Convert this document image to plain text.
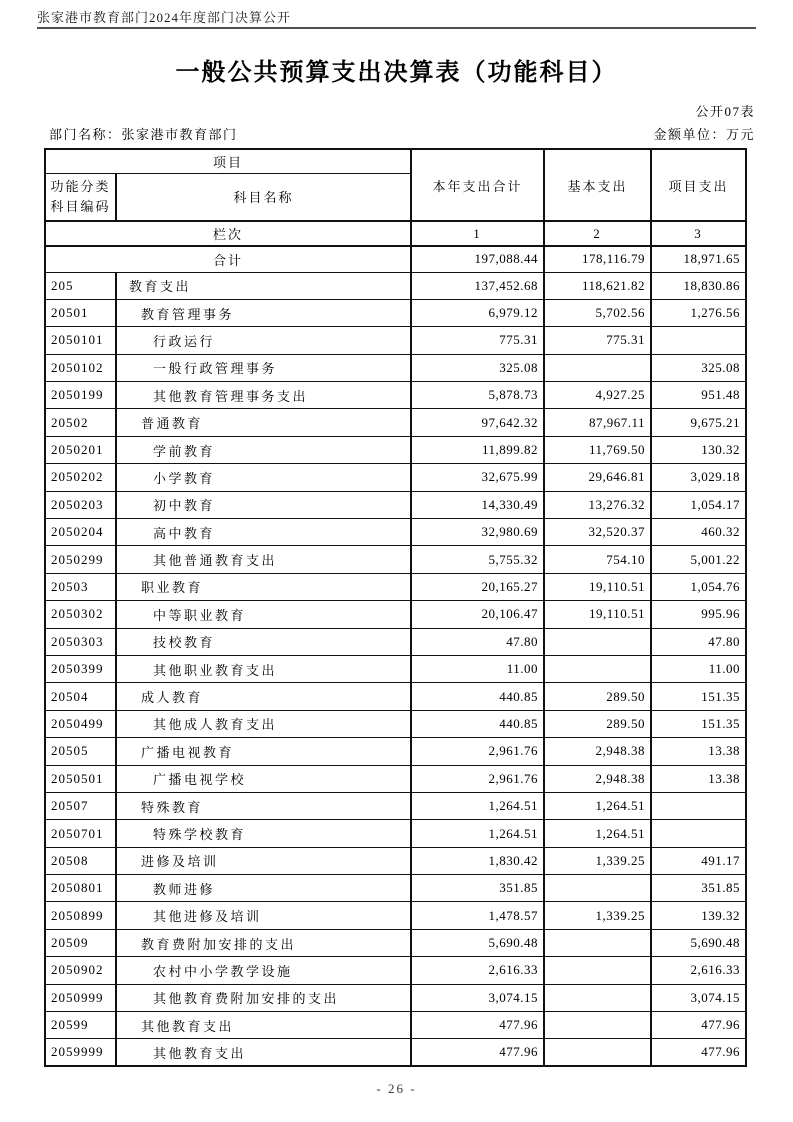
张家港市教育部门2024年度部门决算公开
一般公共预算支出决算表（功能科目）
公开07表
部门名称：张家港市教育部门	金额单位：万元
项目		本年支出合计	基本支出	项目支出

功能分类
科目编码	科目名称			
栏次		1	2	3
合计		197,088.44	178,116.79	18,971.65
205	教育支出	137,452.68	118,621.82	18,830.86
20501	教育管理事务	6,979.12	5,702.56	1,276.56
2050101	行政运行	775.31	775.31	
2050102	一般行政管理事务	325.08		325.08
2050199	其他教育管理事务支出	5,878.73	4,927.25	951.48
20502	普通教育	97,642.32	87,967.11	9,675.21
2050201	学前教育	11,899.82	11,769.50	130.32
2050202	小学教育	32,675.99	29,646.81	3,029.18
2050203	初中教育	14,330.49	13,276.32	1,054.17
2050204	高中教育	32,980.69	32,520.37	460.32
2050299	其他普通教育支出	5,755.32	754.10	5,001.22
20503	职业教育	20,165.27	19,110.51	1,054.76
2050302	中等职业教育	20,106.47	19,110.51	995.96
2050303	技校教育	47.80		47.80
2050399	其他职业教育支出	11.00		11.00
20504	成人教育	440.85	289.50	151.35
2050499	其他成人教育支出	440.85	289.50	151.35
20505	广播电视教育	2,961.76	2,948.38	13.38
2050501	广播电视学校	2,961.76	2,948.38	13.38
20507	特殊教育	1,264.51	1,264.51	
2050701	特殊学校教育	1,264.51	1,264.51	
20508	进修及培训	1,830.42	1,339.25	491.17
2050801	教师进修	351.85		351.85
2050899	其他进修及培训	1,478.57	1,339.25	139.32
20509	教育费附加安排的支出	5,690.48		5,690.48
2050902	农村中小学教学设施	2,616.33		2,616.33
2050999	其他教育费附加安排的支出	3,074.15		3,074.15
20599	其他教育支出	477.96		477.96
2059999	其他教育支出	477.96		477.96
- 26 -
